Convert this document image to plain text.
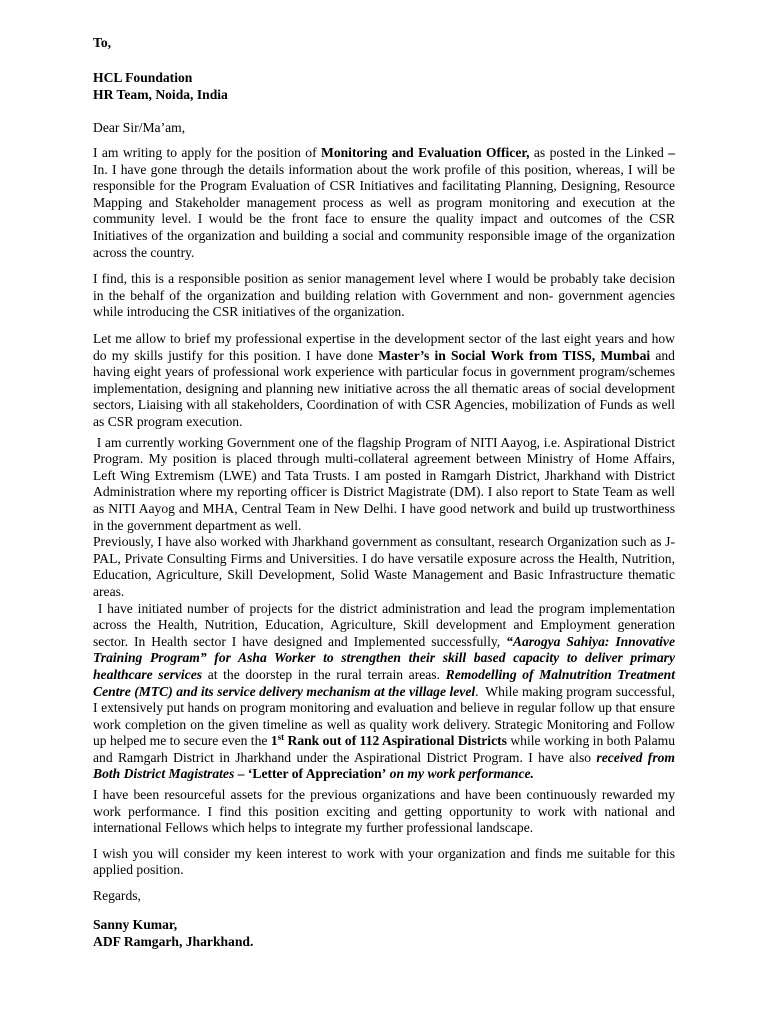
To,
HCL Foundation
HR Team, Noida, India
Dear Sir/Ma’am,

I am writing to apply for the position of Monitoring and Evaluation Officer, as posted in the Linked – In. I have gone through the details information about the work profile of this position, whereas, I will be responsible for the Program Evaluation of CSR Initiatives and facilitating Planning, Designing, Resource Mapping and Stakeholder management process as well as program monitoring and execution at the community level. I would be the front face to ensure the quality impact and outcomes of the CSR Initiatives of the organization and building a social and community responsible image of the organization across the country.

I find, this is a responsible position as senior management level where I would be probably take decision in the behalf of the organization and building relation with Government and non- government agencies while introducing the CSR initiatives of the organization.

Let me allow to brief my professional expertise in the development sector of the last eight years and how do my skills justify for this position. I have done Master’s in Social Work from TISS, Mumbai and having eight years of professional work experience with particular focus in government program/schemes implementation, designing and planning new initiative across the all thematic areas of social development sectors, Liaising with all stakeholders, Coordination of with CSR Agencies, mobilization of Funds as well as CSR program execution.

I am currently working Government one of the flagship Program of NITI Aayog, i.e. Aspirational District Program. My position is placed through multi-collateral agreement between Ministry of Home Affairs, Left Wing Extremism (LWE) and Tata Trusts. I am posted in Ramgarh District, Jharkhand with District Administration where my reporting officer is District Magistrate (DM). I also report to State Team as well as NITI Aayog and MHA, Central Team in New Delhi. I have good network and build up trustworthiness in the government department as well.

Previously, I have also worked with Jharkhand government as consultant, research Organization such as J- PAL, Private Consulting Firms and Universities. I do have versatile exposure across the Health, Nutrition, Education, Agriculture, Skill Development, Solid Waste Management and Basic Infrastructure thematic areas.

I have initiated number of projects for the district administration and lead the program implementation across the Health, Nutrition, Education, Agriculture, Skill development and Employment generation sector. In Health sector I have designed and Implemented successfully, “Aarogya Sahiya: Innovative Training Program” for Asha Worker to strengthen their skill based capacity to deliver primary healthcare services at the doorstep in the rural terrain areas. Remodelling of Malnutrition Treatment Centre (MTC) and its service delivery mechanism at the village level.  While making program successful, I extensively put hands on program monitoring and evaluation and believe in regular follow up that ensure work completion on the given timeline as well as quality work delivery. Strategic Monitoring and Follow up helped me to secure even the 1st Rank out of 112 Aspirational Districts while working in both Palamu and Ramgarh District in Jharkhand under the Aspirational District Program. I have also received from Both District Magistrates – ‘Letter of Appreciation’ on my work performance.

I have been resourceful assets for the previous organizations and have been continuously rewarded my work performance. I find this position exciting and getting opportunity to work with national and international Fellows which helps to integrate my further professional landscape.

I wish you will consider my keen interest to work with your organization and finds me suitable for this applied position.

Regards,
Sanny Kumar,
ADF Ramgarh, Jharkhand.
